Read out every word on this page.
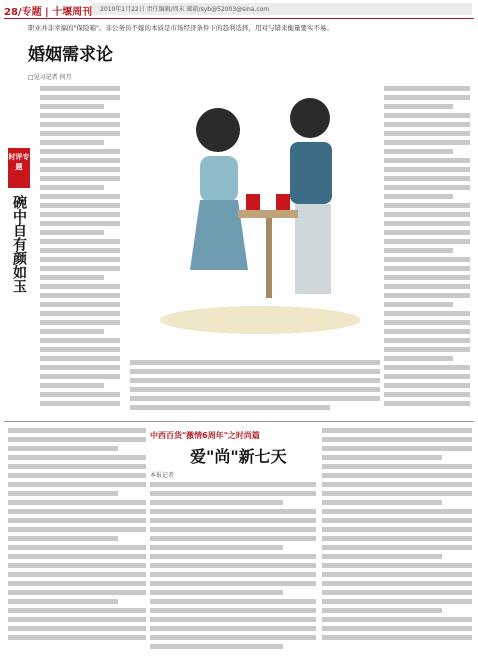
28/专题 | 十堰周刊 2010年1月22日 责任编辑/周末 邮箱/syb@52003@sina.com
职业并非幸福的"保险箱"。非公务员不嫁的本质是市场经济条件下的趋利选择，用对与错来衡量要实不易。
婚姻需求论
□见习记者 何月
时评专题
碗中自有颜如玉
中西百货"激情6周年"之时尚篇
爱"尚"新七天
本报记者
